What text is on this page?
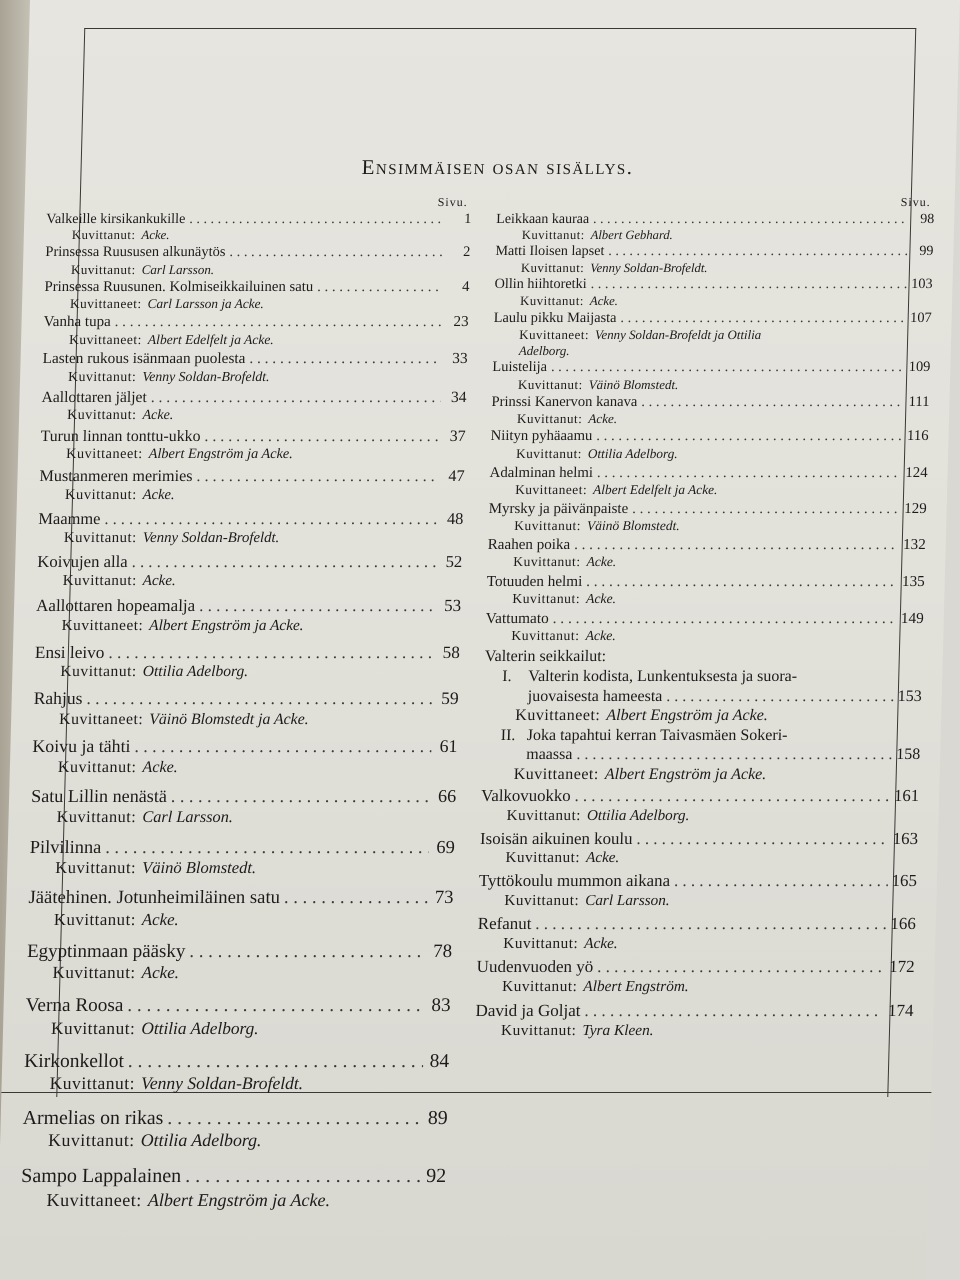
Ensimmäisen osan sisällys.
Sivu.
Valkeille kirsikankukille . . .	1
Kuvittanut: Acke.
Prinsessa Ruususen alkunäytös . . .	2
Kuvittanut: Carl Larsson.
Prinsessa Ruusunen. Kolmiseikkailuinen satu . . .	4
Kuvittaneet: Carl Larsson ja Acke.
Vanha tupa . . .	23
Kuvittaneet: Albert Edelfelt ja Acke.
Lasten rukous isänmaan puolesta . . .	33
Kuvittanut: Venny Soldan-Brofeldt.
Aallottaren jäljet . . .	34
Kuvittanut: Acke.
Turun linnan tonttu-ukko . . .	37
Kuvittaneet: Albert Engström ja Acke.
Mustanmeren merimies . . .	47
Kuvittanut: Acke.
Maamme . . .	48
Kuvittanut: Venny Soldan-Brofeldt.
Koivujen alla . . .	52
Kuvittanut: Acke.
Aallottaren hopeamalja . . .	53
Kuvittaneet: Albert Engström ja Acke.
Ensi leivo . . .	58
Kuvittanut: Ottilia Adelborg.
Rahjus . . .	59
Kuvittaneet: Väinö Blomstedt ja Acke.
Koivu ja tähti . . .	61
Kuvittanut: Acke.
Satu Lillin nenästä . . .	66
Kuvittanut: Carl Larsson.
Pilvilinna . . .	69
Kuvittanut: Väinö Blomstedt.
Jäätehinen. Jotunheimiläinen satu . . .	73
Kuvittanut: Acke.
Egyptinmaan pääsky . . .	78
Kuvittanut: Acke.
Verna Roosa . . .	83
Kuvittanut: Ottilia Adelborg.
Kirkonkellot . . .	84
Kuvittanut: Venny Soldan-Brofeldt.
Armelias on rikas . . .	89
Kuvittanut: Ottilia Adelborg.
Sampo Lappalainen . . .	92
Kuvittaneet: Albert Engström ja Acke.
Sivu.
Leikkaan kauraa . . .	98
Kuvittanut: Albert Gebhard.
Matti Iloisen lapset . . .	99
Kuvittanut: Venny Soldan-Brofeldt.
Ollin hiihtoretki . . .	103
Kuvittanut: Acke.
Laulu pikku Maijasta . . .	107
Kuvittaneet: Venny Soldan-Brofeldt ja Ottilia
Adelborg.
Luistelija . . .	109
Kuvittanut: Väinö Blomstedt.
Prinssi Kanervon kanava . . .	111
Kuvittanut: Acke.
Niityn pyhäaamu . . .	116
Kuvittanut: Ottilia Adelborg.
Adalminan helmi . . .	124
Kuvittaneet: Albert Edelfelt ja Acke.
Myrsky ja päivänpaiste . . .	129
Kuvittanut: Väinö Blomstedt.
Raahen poika . . .	132
Kuvittanut: Acke.
Totuuden helmi . . .	135
Kuvittanut: Acke.
Vattumato . . .	149
Kuvittanut: Acke.
Valterin seikkailut:
I.	Valterin kodista, Lunkentuksesta ja suora-
juovaisesta hameesta . . .	153
Kuvittaneet: Albert Engström ja Acke.
II. Joka tapahtui kerran Taivasmäen Sokeri-
maassa . . .	158
Kuvittaneet: Albert Engström ja Acke.
Valkovuokko . . .	161
Kuvittanut: Ottilia Adelborg.
Isoisän aikuinen koulu . . .	163
Kuvittanut: Acke.
Tyttökoulu mummon aikana . . .	165
Kuvittanut: Carl Larsson.
Refanut . . .	166
Kuvittanut: Acke.
Uudenvuoden yö . . .	172
Kuvittanut: Albert Engström.
David ja Goljat . . .	174
Kuvittanut: Tyra Kleen.
